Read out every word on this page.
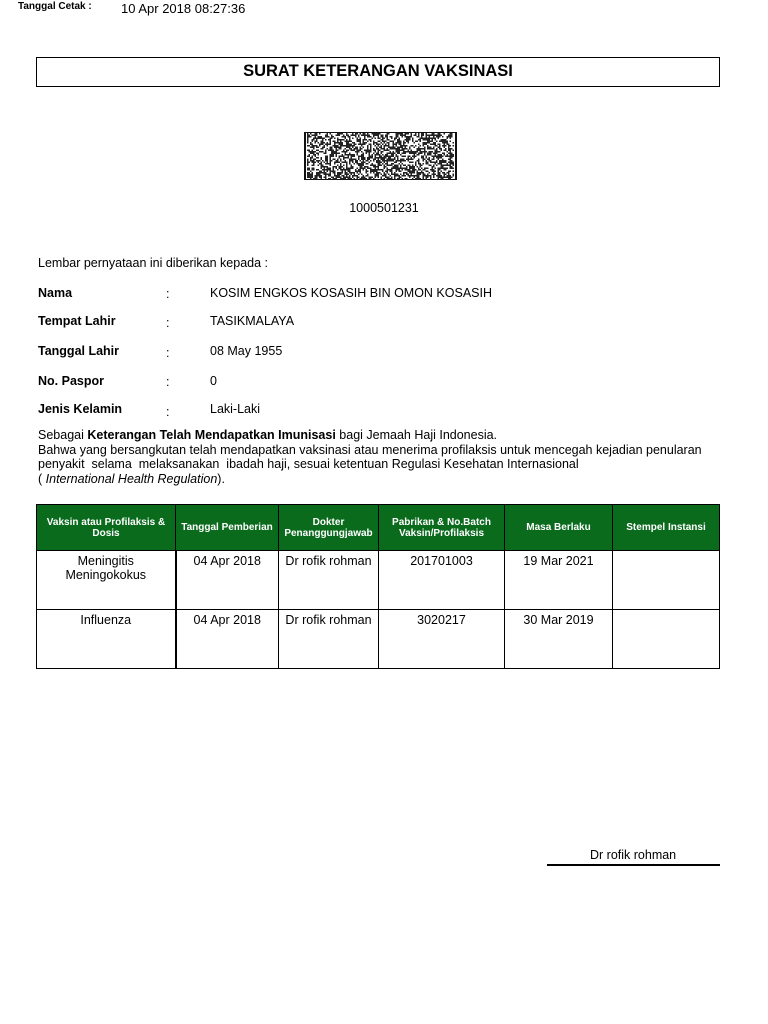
Tanggal Cetak : 10 Apr 2018 08:27:36
SURAT KETERANGAN VAKSINASI
1000501231
Lembar pernyataan ini diberikan kepada :
Nama	:	KOSIM ENGKOS KOSASIH BIN OMON KOSASIH
Tempat Lahir	:	TASIKMALAYA
Tanggal Lahir	:	08 May 1955
No. Paspor	:	0
Jenis Kelamin	:	Laki-Laki

Sebagai Keterangan Telah Mendapatkan Imunisasi bagi Jemaah Haji Indonesia.

Bahwa yang bersangkutan telah mendapatkan vaksinasi atau menerima profilaksis untuk mencegah kejadian penularan

penyakit  selama  melaksanakan  ibadah haji, sesuai ketentuan Regulasi Kesehatan Internasional

( International Health Regulation).

Vaksin atau Profilaksis & Dosis	Tanggal Pemberian	Dokter Penanggungjawab	Pabrikan & No.Batch Vaksin/Profilaksis	Masa Berlaku	Stempel Instansi
Meningitis Meningokokus	04 Apr 2018	Dr rofik rohman	201701003	19 Mar 2021	
Influenza	04 Apr 2018	Dr rofik rohman	3020217	30 Mar 2019	
Dr rofik rohman
